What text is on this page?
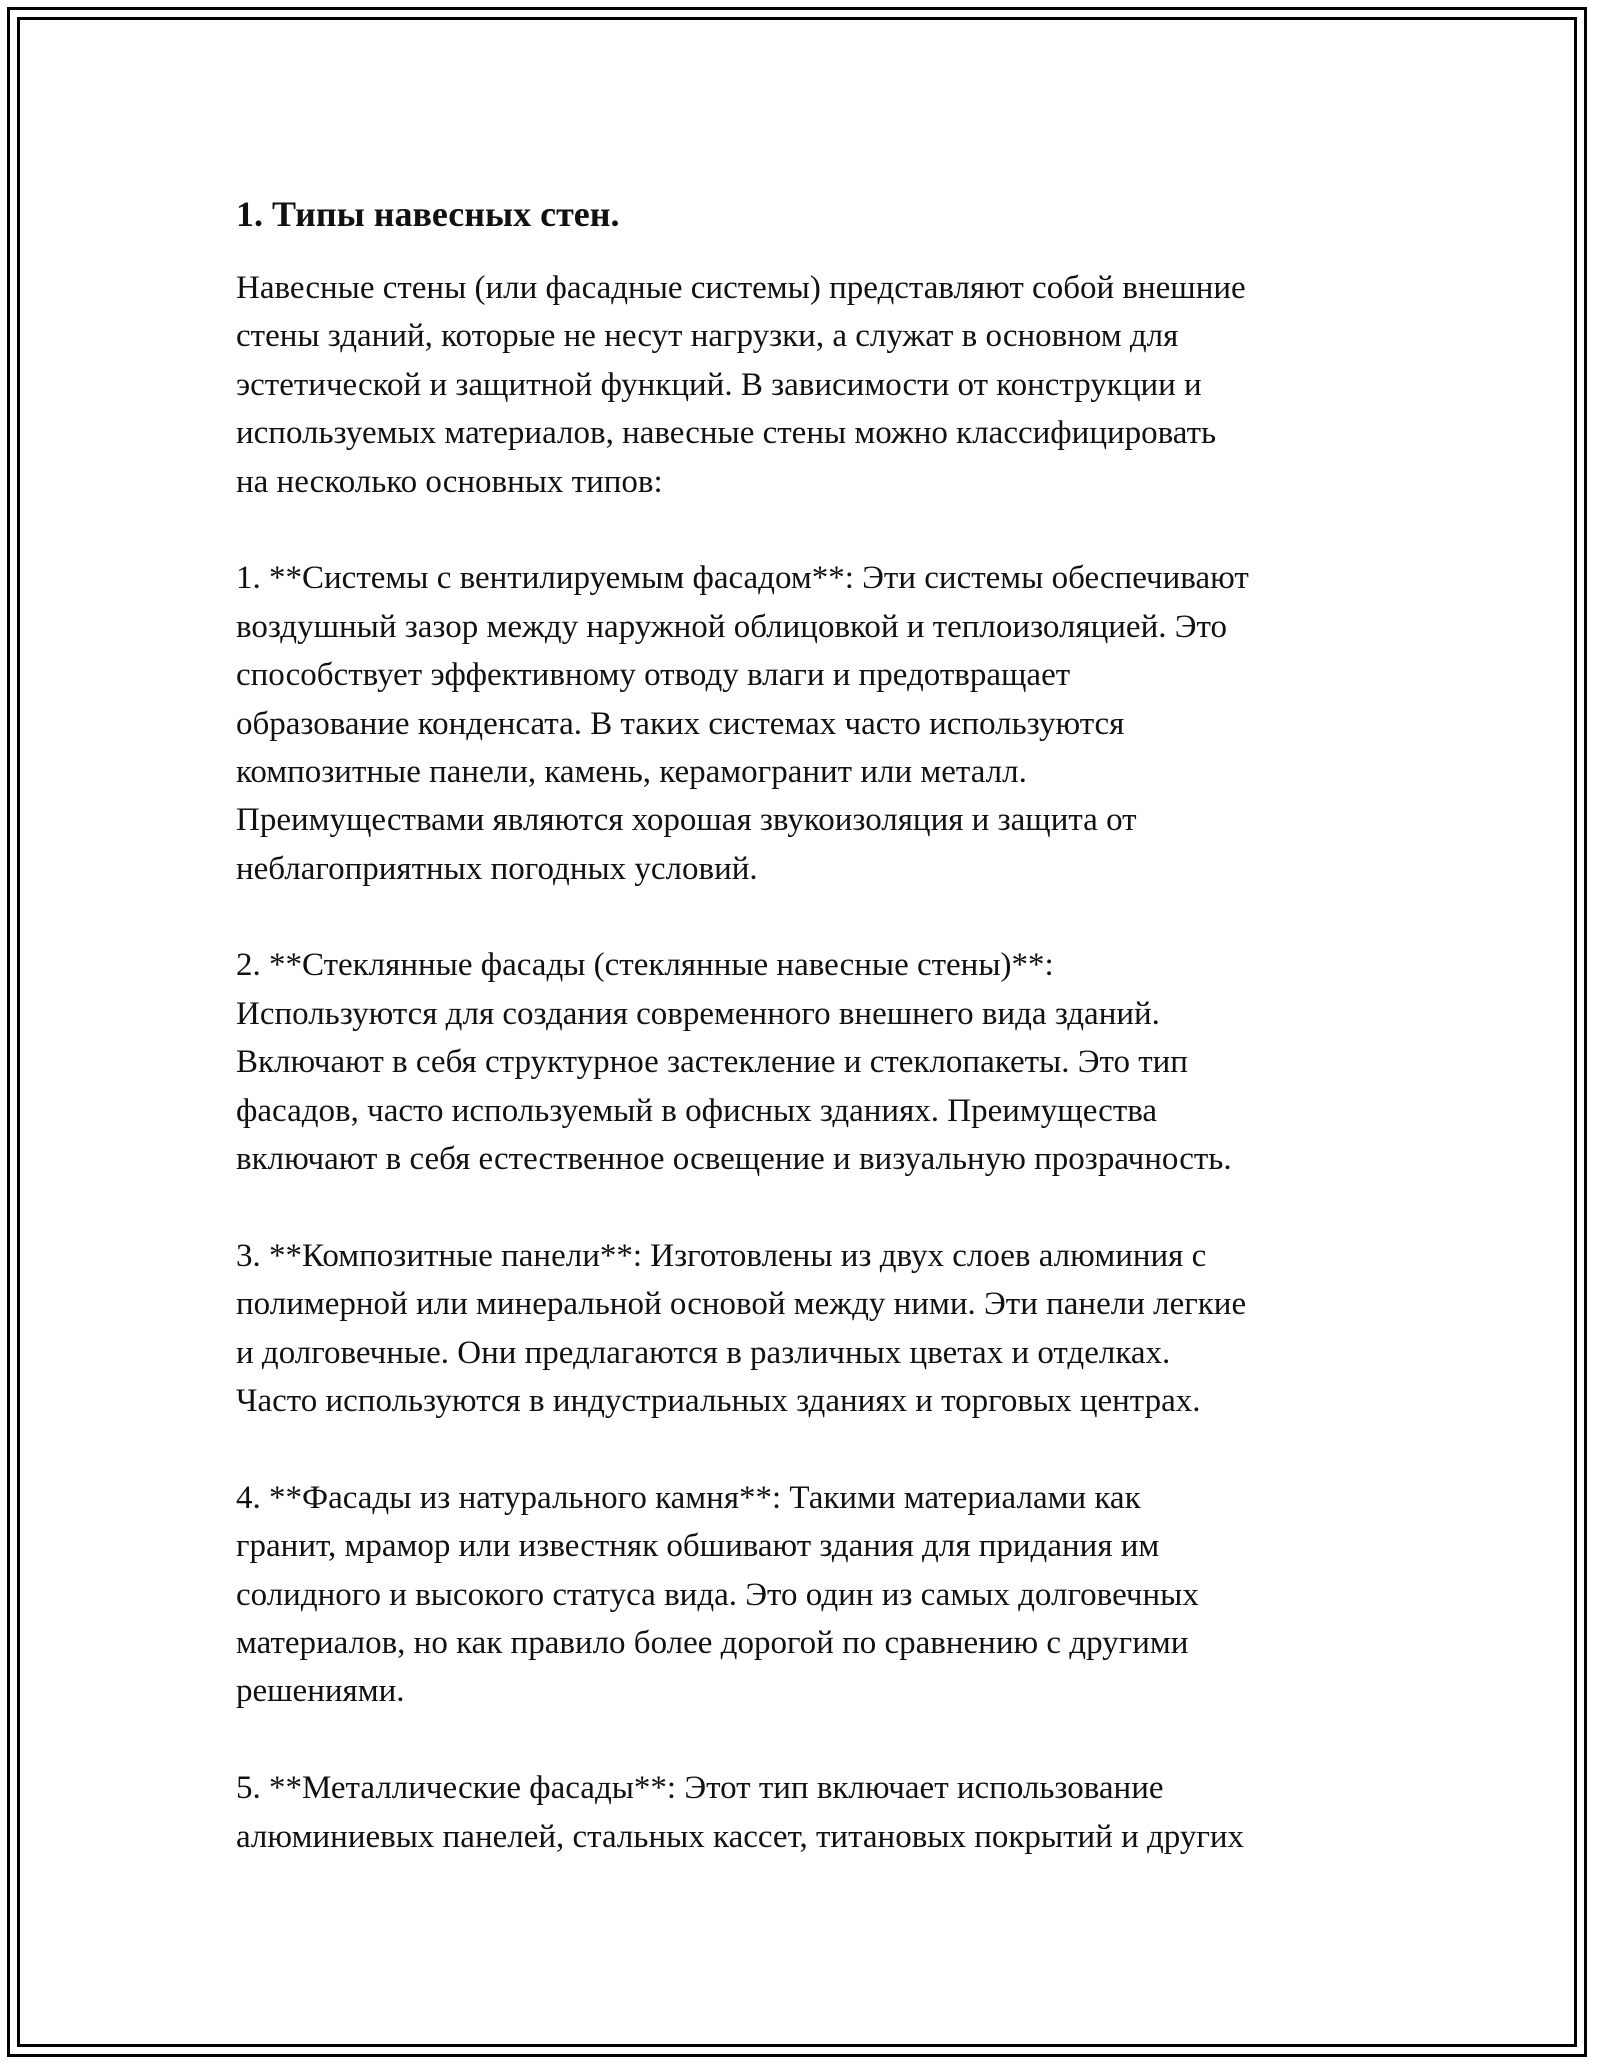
1. Типы навесных стен.
Навесные стены (или фасадные системы) представляют собой внешние
стены зданий, которые не несут нагрузки, а служат в основном для
эстетической и защитной функций. В зависимости от конструкции и
используемых материалов, навесные стены можно классифицировать
на несколько основных типов:
1. **Системы с вентилируемым фасадом**: Эти системы обеспечивают
воздушный зазор между наружной облицовкой и теплоизоляцией. Это
способствует эффективному отводу влаги и предотвращает
образование конденсата. В таких системах часто используются
композитные панели, камень, керамогранит или металл.
Преимуществами являются хорошая звукоизоляция и защита от
неблагоприятных погодных условий.
2. **Стеклянные фасады (стеклянные навесные стены)**:
Используются для создания современного внешнего вида зданий.
Включают в себя структурное застекление и стеклопакеты. Это тип
фасадов, часто используемый в офисных зданиях. Преимущества
включают в себя естественное освещение и визуальную прозрачность.
3. **Композитные панели**: Изготовлены из двух слоев алюминия с
полимерной или минеральной основой между ними. Эти панели легкие
и долговечные. Они предлагаются в различных цветах и отделках.
Часто используются в индустриальных зданиях и торговых центрах.
4. **Фасады из натурального камня**: Такими материалами как
гранит, мрамор или известняк обшивают здания для придания им
солидного и высокого статуса вида. Это один из самых долговечных
материалов, но как правило более дорогой по сравнению с другими
решениями.
5. **Металлические фасады**: Этот тип включает использование
алюминиевых панелей, стальных кассет, титановых покрытий и других
